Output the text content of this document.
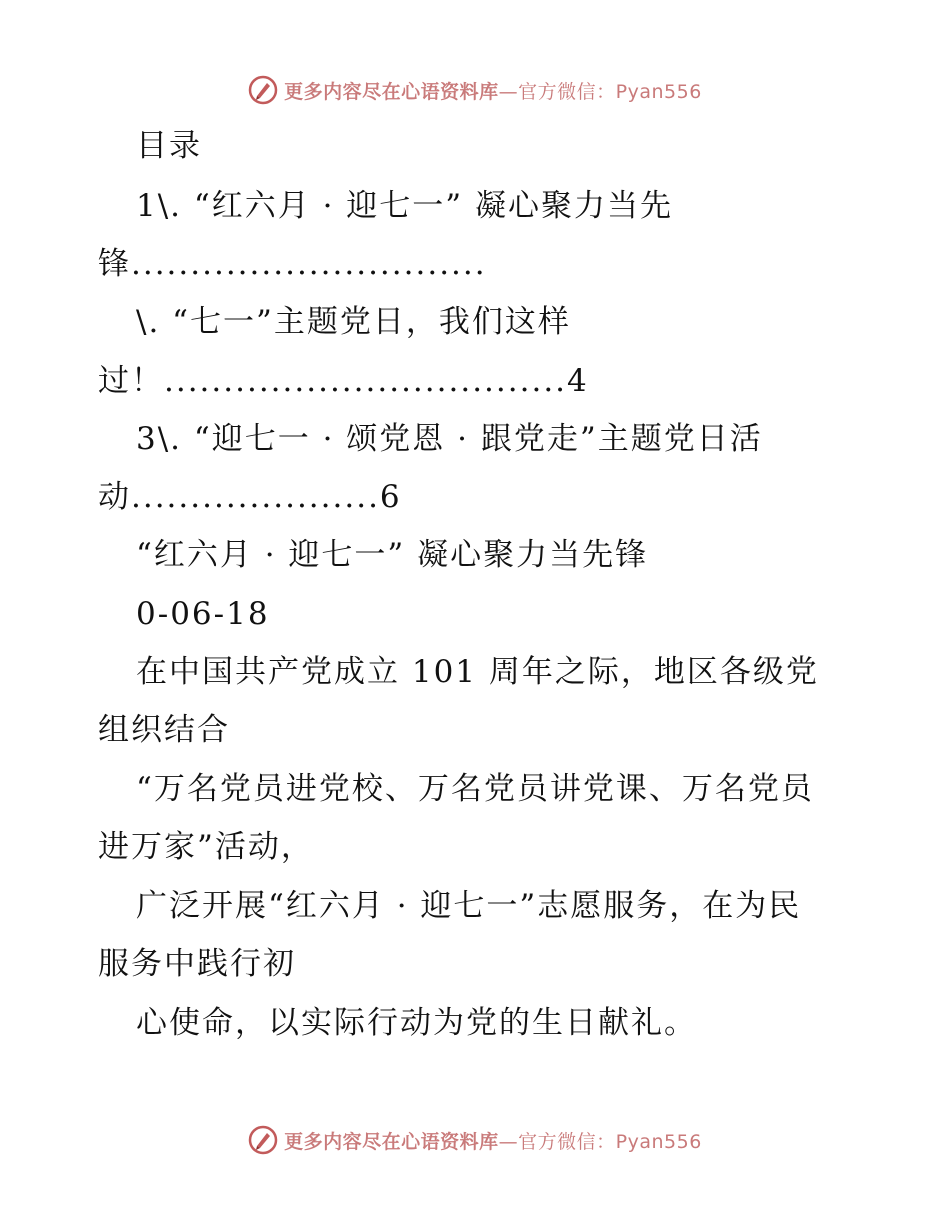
更多内容尽在心语资料库—官方微信：Pyan556
目录
1\. “红六月 · 迎七一” 凝心聚力当先
锋..............................
\. “七一”主题党日，我们这样
过！..................................4
3\. “迎七一 · 颂党恩 · 跟党走”主题党日活
动.....................6
“红六月 · 迎七一” 凝心聚力当先锋
0-06-18
在中国共产党成立 101 周年之际，地区各级党
组织结合
“万名党员进党校、万名党员讲党课、万名党员
进万家”活动，
广泛开展“红六月 · 迎七一”志愿服务，在为民
服务中践行初
心使命，以实际行动为党的生日献礼。
更多内容尽在心语资料库—官方微信：Pyan556
